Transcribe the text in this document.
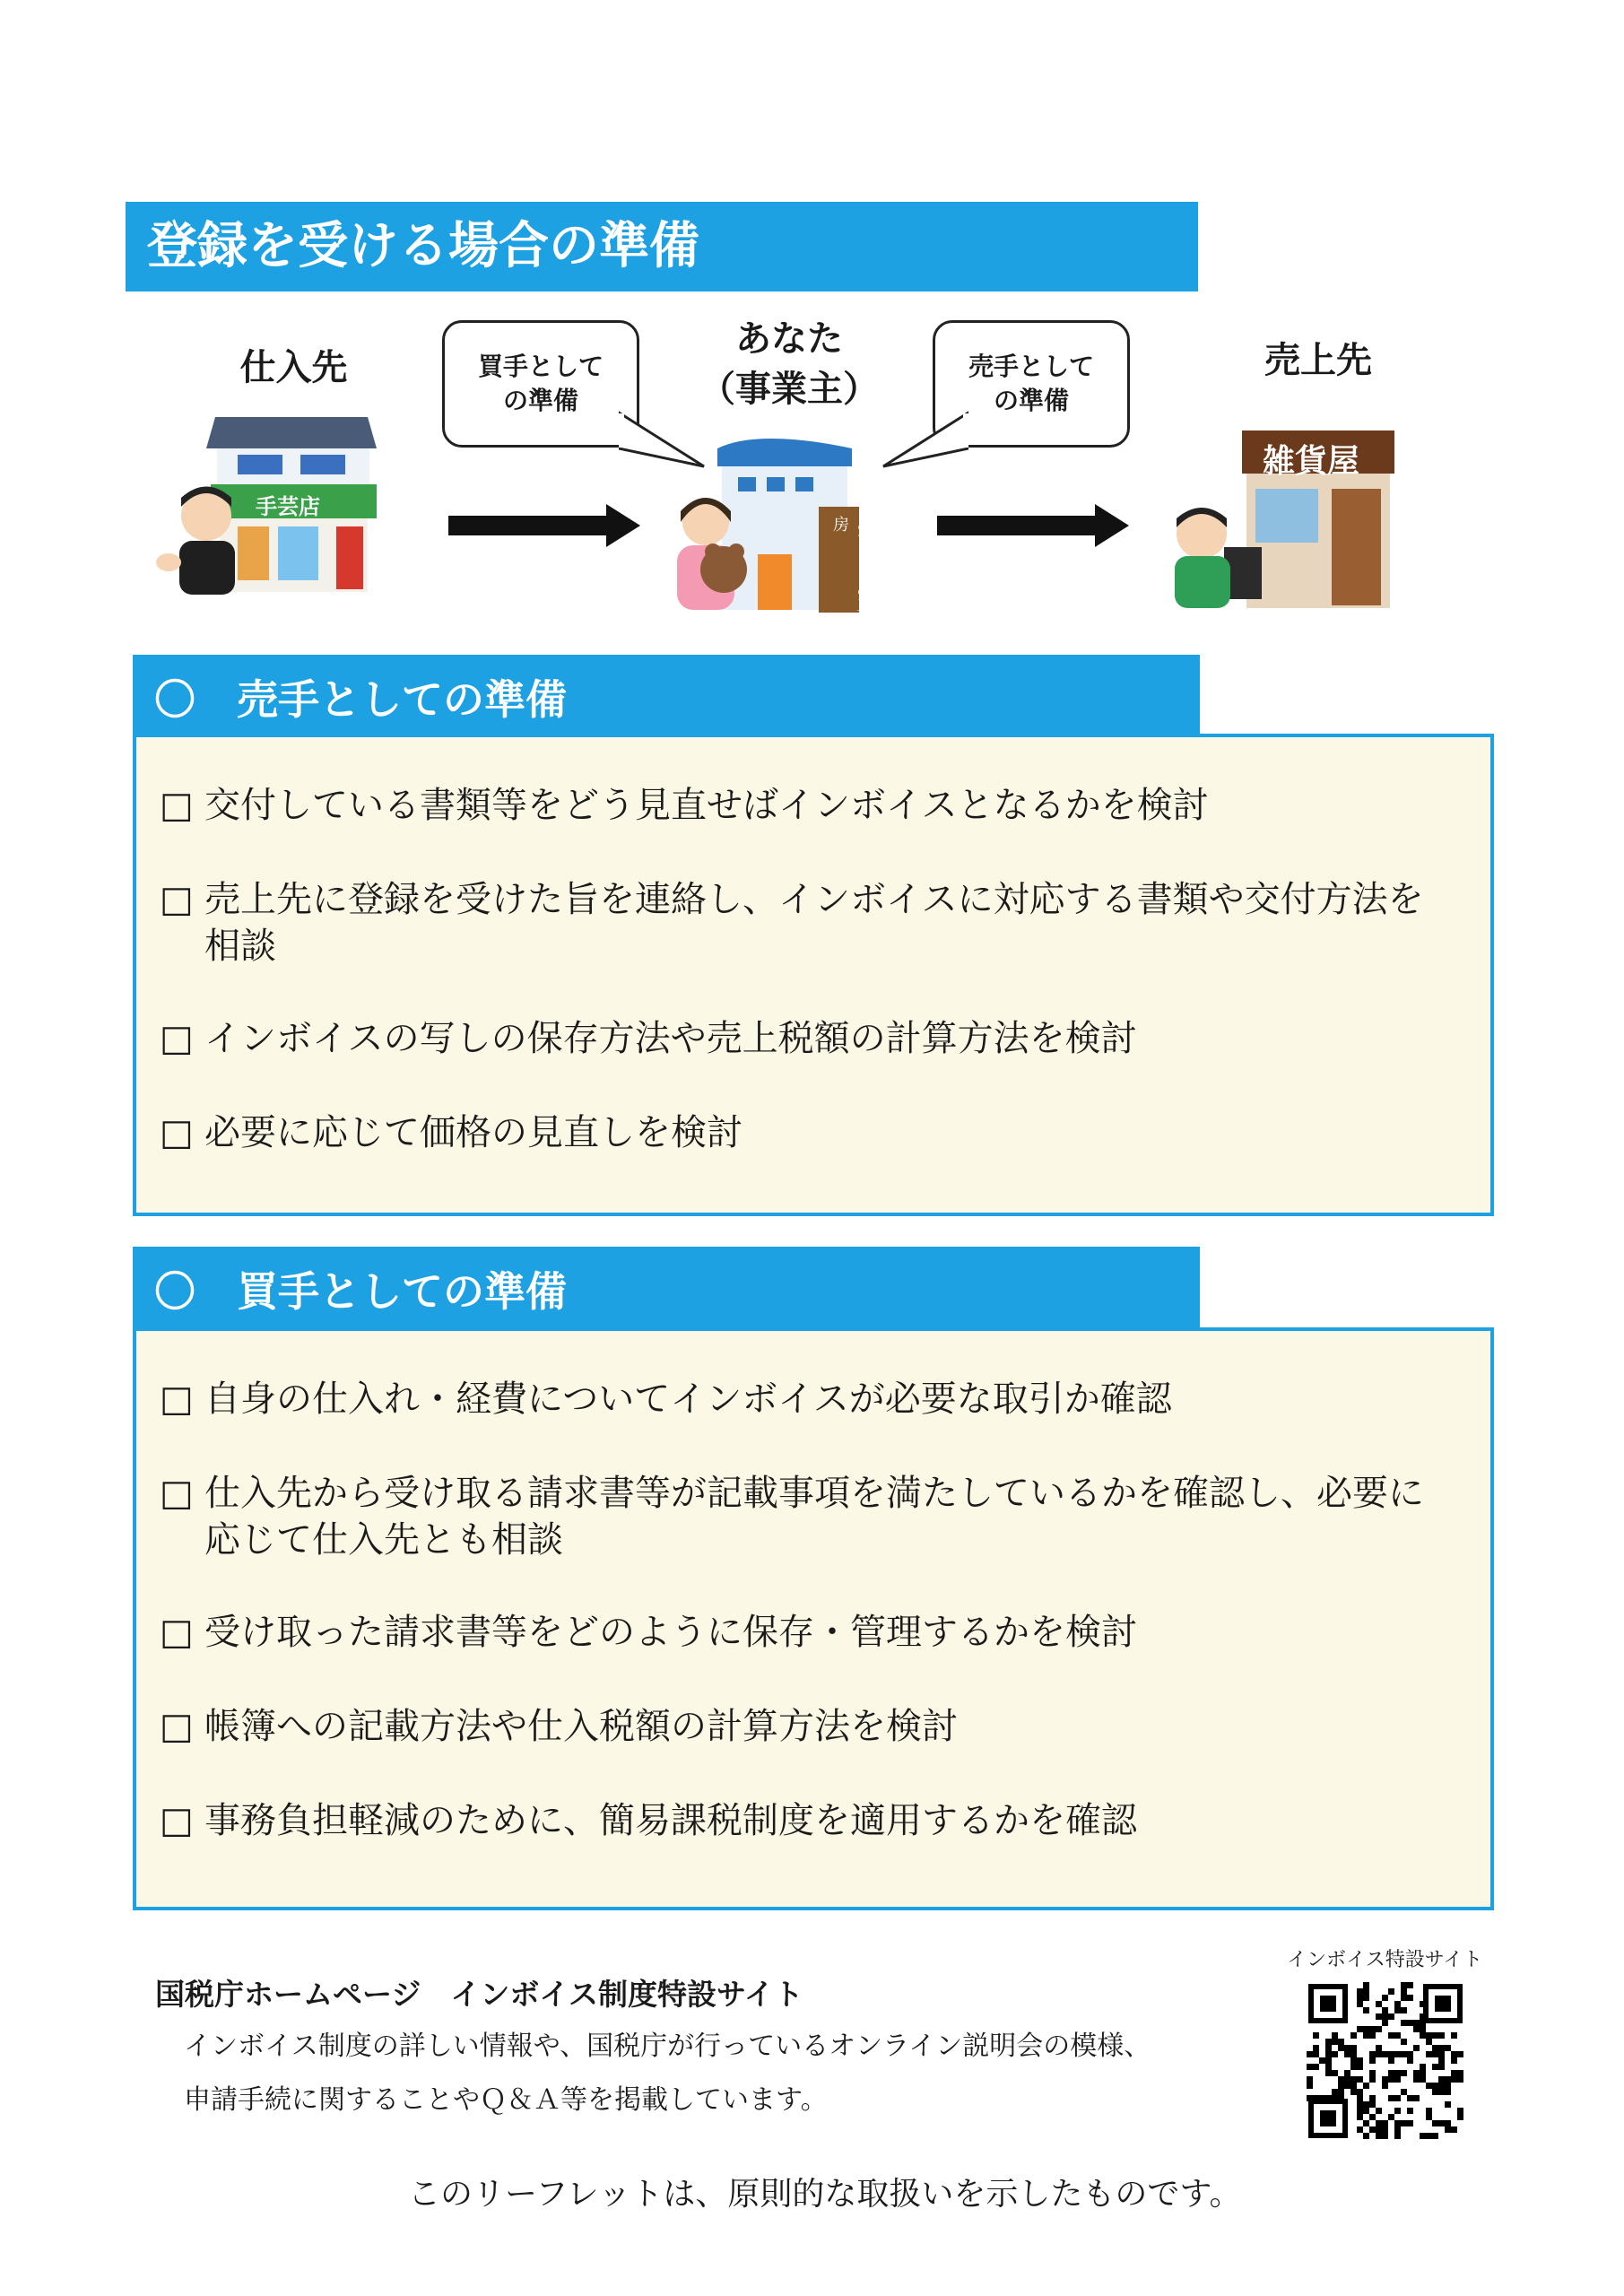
登録を受ける場合の準備
仕入先	売上先
あなた
（事業主）
買手として
の準備
売手として
の準備
手芸店
ぬいぐるみ工房
雑貨屋
〇　売手としての準備
□ 交付している書類等をどう見直せばインボイスとなるかを検討
□ 売上先に登録を受けた旨を連絡し、インボイスに対応する書類や交付方法を相談
□ インボイスの写しの保存方法や売上税額の計算方法を検討
□ 必要に応じて価格の見直しを検討
〇　買手としての準備
□ 自身の仕入れ・経費についてインボイスが必要な取引か確認
□ 仕入先から受け取る請求書等が記載事項を満たしているかを確認し、必要に応じて仕入先とも相談
□ 受け取った請求書等をどのように保存・管理するかを検討
□ 帳簿への記載方法や仕入税額の計算方法を検討
□ 事務負担軽減のために、簡易課税制度を適用するかを確認
国税庁ホームページ　インボイス制度特設サイト
インボイス制度の詳しい情報や、国税庁が行っているオンライン説明会の模様、
申請手続に関することやＱ＆Ａ等を掲載しています。
インボイス特設サイト
このリーフレットは、原則的な取扱いを示したものです。
